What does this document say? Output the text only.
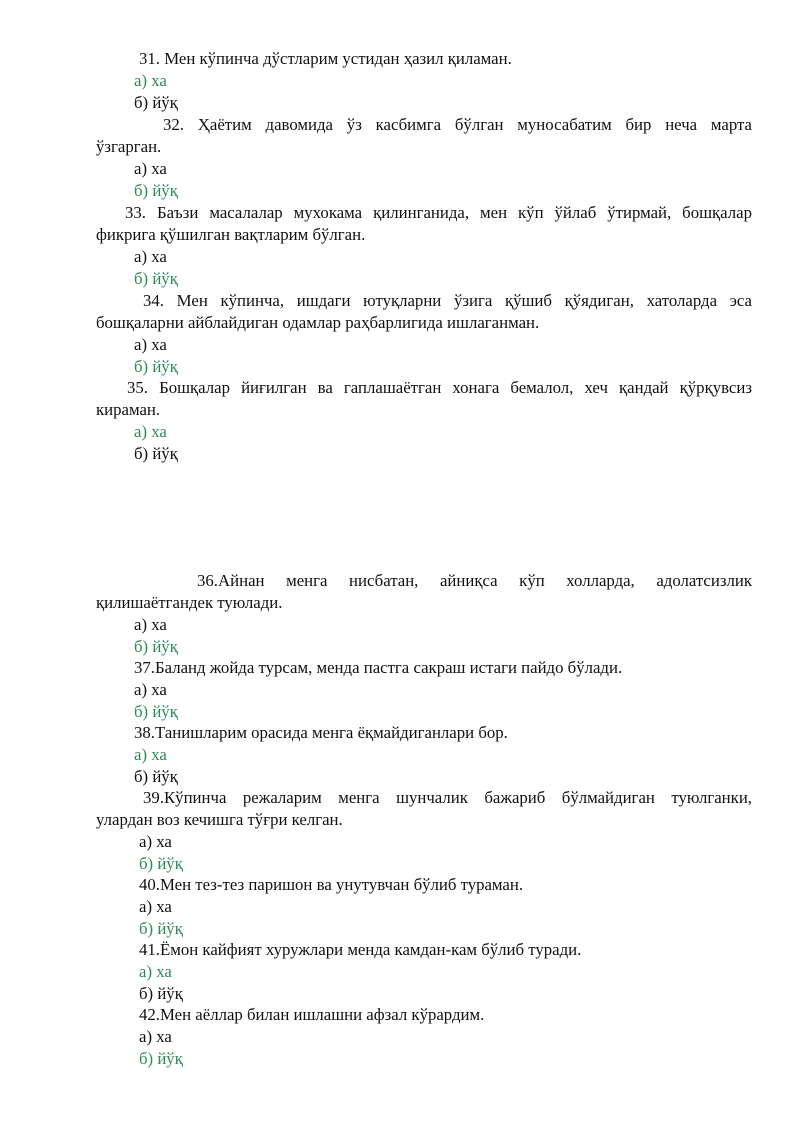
31. Мен кўпинча дўстларим устидан ҳазил қиламан.
а) ха
б) йўқ
32. Ҳаётим давомида ўз касбимга бўлган муносабатим бир неча марта
ўзгарган.
а) ха
б) йўқ
33. Баъзи масалалар мухокама қилинганида, мен кўп ўйлаб ўтирмай, бошқалар
фикрига қўшилган вақтларим бўлган.
а) ха
б) йўқ
34. Мен кўпинча, ишдаги ютуқларни ўзига қўшиб қўядиган, хатоларда эса
бошқаларни айблайдиган одамлар раҳбарлигида ишлаганман.
а) ха
б) йўқ
35. Бошқалар йиғилган ва гаплашаётган хонага бемалол, хеч қандай қўрқувсиз
кираман.
а) ха
б) йўқ
36.Айнан менга нисбатан, айниқса кўп холларда, адолатсизлик
қилишаётгандек туюлади.
а) ха
б) йўқ
37.Баланд жойда турсам, менда пастга сакраш истаги пайдо бўлади.
а) ха
б) йўқ
38.Танишларим орасида менга ёқмайдиганлари бор.
а) ха
б) йўқ
39.Кўпинча режаларим менга шунчалик бажариб бўлмайдиган туюлганки,
улардан воз кечишга тўғри келган.
а) ха
б) йўқ
40.Мен тез-тез паришон ва унутувчан бўлиб тураман.
а) ха
б) йўқ
41.Ёмон кайфият хуружлари менда камдан-кам бўлиб туради.
а) ха
б) йўқ
42.Мен аёллар билан ишлашни афзал кўрардим.
а) ха
б) йўқ
